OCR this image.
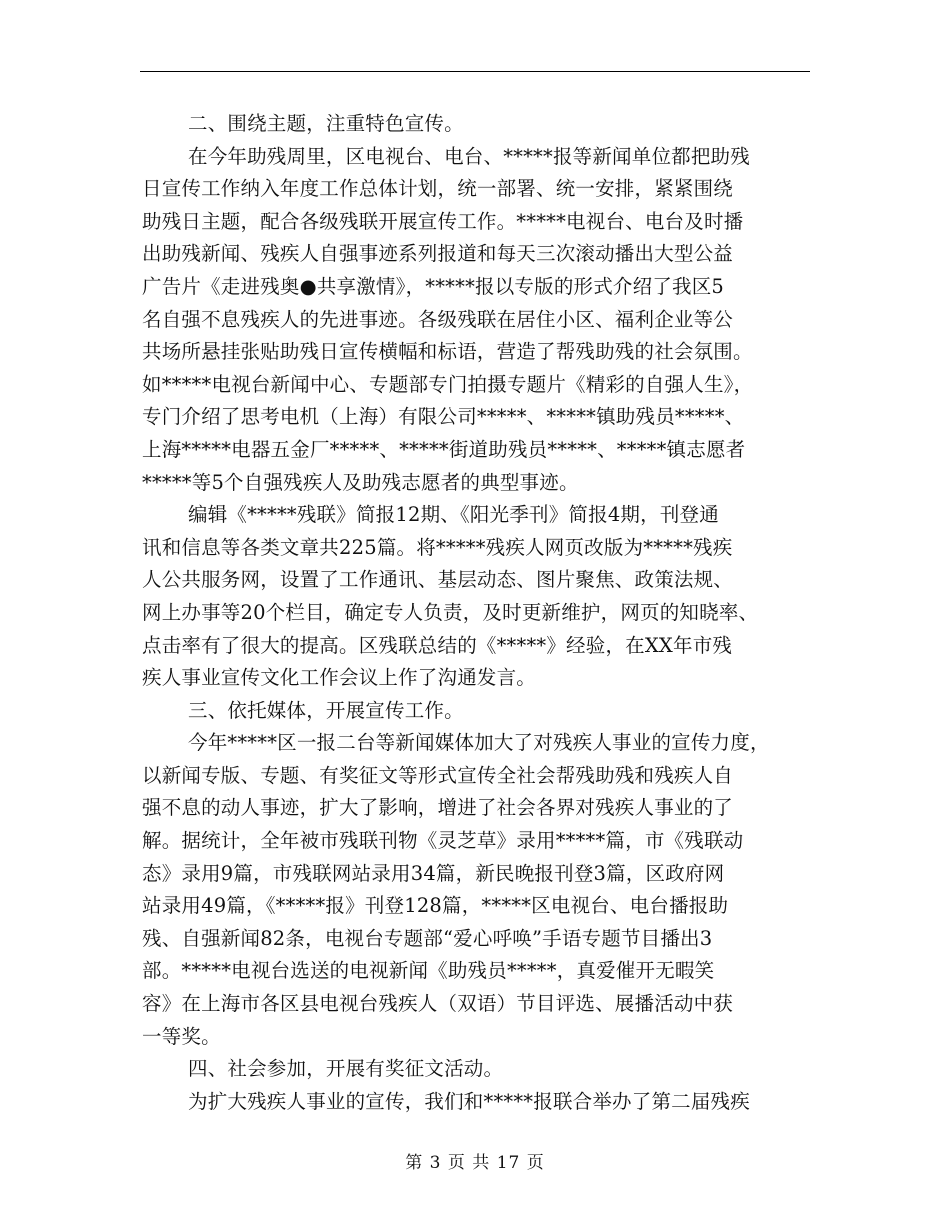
二、围绕主题，注重特色宣传。
在今年助残周里，区电视台、电台、*****报等新闻单位都把助残
日宣传工作纳入年度工作总体计划，统一部署、统一安排，紧紧围绕
助残日主题，配合各级残联开展宣传工作。*****电视台、电台及时播
出助残新闻、残疾人自强事迹系列报道和每天三次滚动播出大型公益
广告片《走进残奥●共享激情》，*****报以专版的形式介绍了我区5
名自强不息残疾人的先进事迹。各级残联在居住小区、福利企业等公
共场所悬挂张贴助残日宣传横幅和标语，营造了帮残助残的社会氛围。
如*****电视台新闻中心、专题部专门拍摄专题片《精彩的自强人生》，
专门介绍了思考电机（上海）有限公司*****、*****镇助残员*****、
上海*****电器五金厂*****、*****街道助残员*****、*****镇志愿者
*****等5个自强残疾人及助残志愿者的典型事迹。
编辑《*****残联》简报12期、《阳光季刊》简报4期，刊登通
讯和信息等各类文章共225篇。将*****残疾人网页改版为*****残疾
人公共服务网，设置了工作通讯、基层动态、图片聚焦、政策法规、
网上办事等20个栏目，确定专人负责，及时更新维护，网页的知晓率、
点击率有了很大的提高。区残联总结的《*****》经验，在XX年市残
疾人事业宣传文化工作会议上作了沟通发言。
三、依托媒体，开展宣传工作。
今年*****区一报二台等新闻媒体加大了对残疾人事业的宣传力度，
以新闻专版、专题、有奖征文等形式宣传全社会帮残助残和残疾人自
强不息的动人事迹，扩大了影响，增进了社会各界对残疾人事业的了
解。据统计，全年被市残联刊物《灵芝草》录用*****篇，市《残联动
态》录用9篇，市残联网站录用34篇，新民晚报刊登3篇，区政府网
站录用49篇，《*****报》刊登128篇，*****区电视台、电台播报助
残、自强新闻82条，电视台专题部“爱心呼唤”手语专题节目播出3
部。*****电视台选送的电视新闻《助残员*****，真爱催开无暇笑
容》在上海市各区县电视台残疾人（双语）节目评选、展播活动中获
一等奖。
四、社会参加，开展有奖征文活动。
为扩大残疾人事业的宣传，我们和*****报联合举办了第二届残疾
第 3 页 共 17 页
